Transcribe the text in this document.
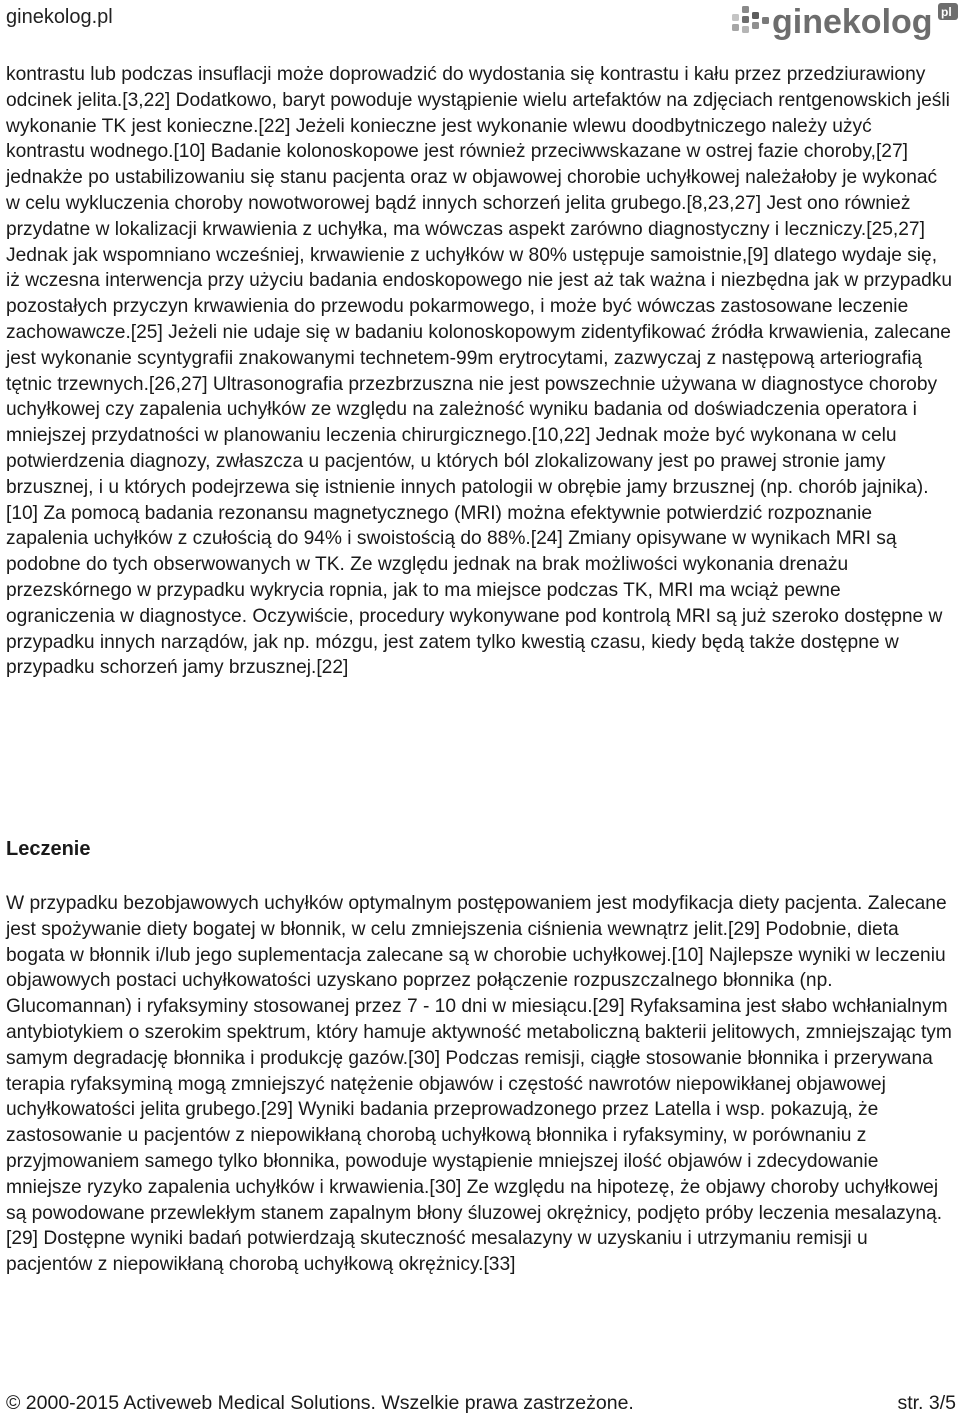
ginekolog.pl	ginekolog pl

kontrastu lub podczas insuflacji może doprowadzić do wydostania się kontrastu i kału przez przedziurawiony odcinek jelita.[3,22] Dodatkowo, baryt powoduje wystąpienie wielu artefaktów na zdjęciach rentgenowskich jeśli wykonanie TK jest konieczne.[22] Jeżeli konieczne jest wykonanie wlewu doodbytniczego należy użyć kontrastu wodnego.[10] Badanie kolonoskopowe jest również przeciwwskazane w ostrej fazie choroby,[27] jednakże po ustabilizowaniu się stanu pacjenta oraz w objawowej chorobie uchyłkowej należałoby je wykonać w celu wykluczenia choroby nowotworowej bądź innych schorzeń jelita grubego.[8,23,27] Jest ono również przydatne w lokalizacji krwawienia z uchyłka, ma wówczas aspekt zarówno diagnostyczny i leczniczy.[25,27] Jednak jak wspomniano wcześniej, krwawienie z uchyłków w 80% ustępuje samoistnie,[9] dlatego wydaje się, iż wczesna interwencja przy użyciu badania endoskopowego nie jest aż tak ważna i niezbędna jak w przypadku pozostałych przyczyn krwawienia do przewodu pokarmowego, i może być wówczas zastosowane leczenie zachowawcze.[25] Jeżeli nie udaje się w badaniu kolonoskopowym zidentyfikować źródła krwawienia, zalecane jest wykonanie scyntygrafii znakowanymi technetem-99m erytrocytami, zazwyczaj z następową arteriografią tętnic trzewnych.[26,27] Ultrasonografia przezbrzuszna nie jest powszechnie używana w diagnostyce choroby uchyłkowej czy zapalenia uchyłków ze względu na zależność wyniku badania od doświadczenia operatora i mniejszej przydatności w planowaniu leczenia chirurgicznego.[10,22] Jednak może być wykonana w celu potwierdzenia diagnozy, zwłaszcza u pacjentów, u których ból zlokalizowany jest po prawej stronie jamy brzusznej, i u których podejrzewa się istnienie innych patologii w obrębie jamy brzusznej (np. chorób jajnika).[10] Za pomocą badania rezonansu magnetycznego (MRI) można efektywnie potwierdzić rozpoznanie zapalenia uchyłków z czułością do 94% i swoistością do 88%.[24] Zmiany opisywane w wynikach MRI są podobne do tych obserwowanych w TK. Ze względu jednak na brak możliwości wykonania drenażu przezskórnego w przypadku wykrycia ropnia, jak to ma miejsce podczas TK, MRI ma wciąż pewne ograniczenia w diagnostyce. Oczywiście, procedury wykonywane pod kontrolą MRI są już szeroko dostępne w przypadku innych narządów, jak np. mózgu, jest zatem tylko kwestią czasu, kiedy będą także dostępne w przypadku schorzeń jamy brzusznej.[22]

Leczenie

W przypadku bezobjawowych uchyłków optymalnym postępowaniem jest modyfikacja diety pacjenta. Zalecane jest spożywanie diety bogatej w błonnik, w celu zmniejszenia ciśnienia wewnątrz jelit.[29] Podobnie, dieta bogata w błonnik i/lub jego suplementacja zalecane są w chorobie uchyłkowej.[10] Najlepsze wyniki w leczeniu objawowych postaci uchyłkowatości uzyskano poprzez połączenie rozpuszczalnego błonnika (np. Glucomannan) i ryfaksyminy stosowanej przez 7 - 10 dni w miesiącu.[29] Ryfaksamina jest słabo wchłanialnym antybiotykiem o szerokim spektrum, który hamuje aktywność metaboliczną bakterii jelitowych, zmniejszając tym samym degradację błonnika i produkcję gazów.[30] Podczas remisji, ciągłe stosowanie błonnika i przerywana terapia ryfaksyminą mogą zmniejszyć natężenie objawów i częstość nawrotów niepowikłanej objawowej uchyłkowatości jelita grubego.[29] Wyniki badania przeprowadzonego przez Latella i wsp. pokazują, że zastosowanie u pacjentów z niepowikłaną chorobą uchyłkową błonnika i ryfaksyminy, w porównaniu z przyjmowaniem samego tylko błonnika, powoduje wystąpienie mniejszej ilość objawów i zdecydowanie mniejsze ryzyko zapalenia uchyłków i krwawienia.[30] Ze względu na hipotezę, że objawy choroby uchyłkowej są powodowane przewlekłym stanem zapalnym błony śluzowej okrężnicy, podjęto próby leczenia mesalazyną.[29] Dostępne wyniki badań potwierdzają skuteczność mesalazyny w uzyskaniu i utrzymaniu remisji u pacjentów z niepowikłaną chorobą uchyłkową okrężnicy.[33]

© 2000-2015 Activeweb Medical Solutions. Wszelkie prawa zastrzeżone.	str. 3/5
